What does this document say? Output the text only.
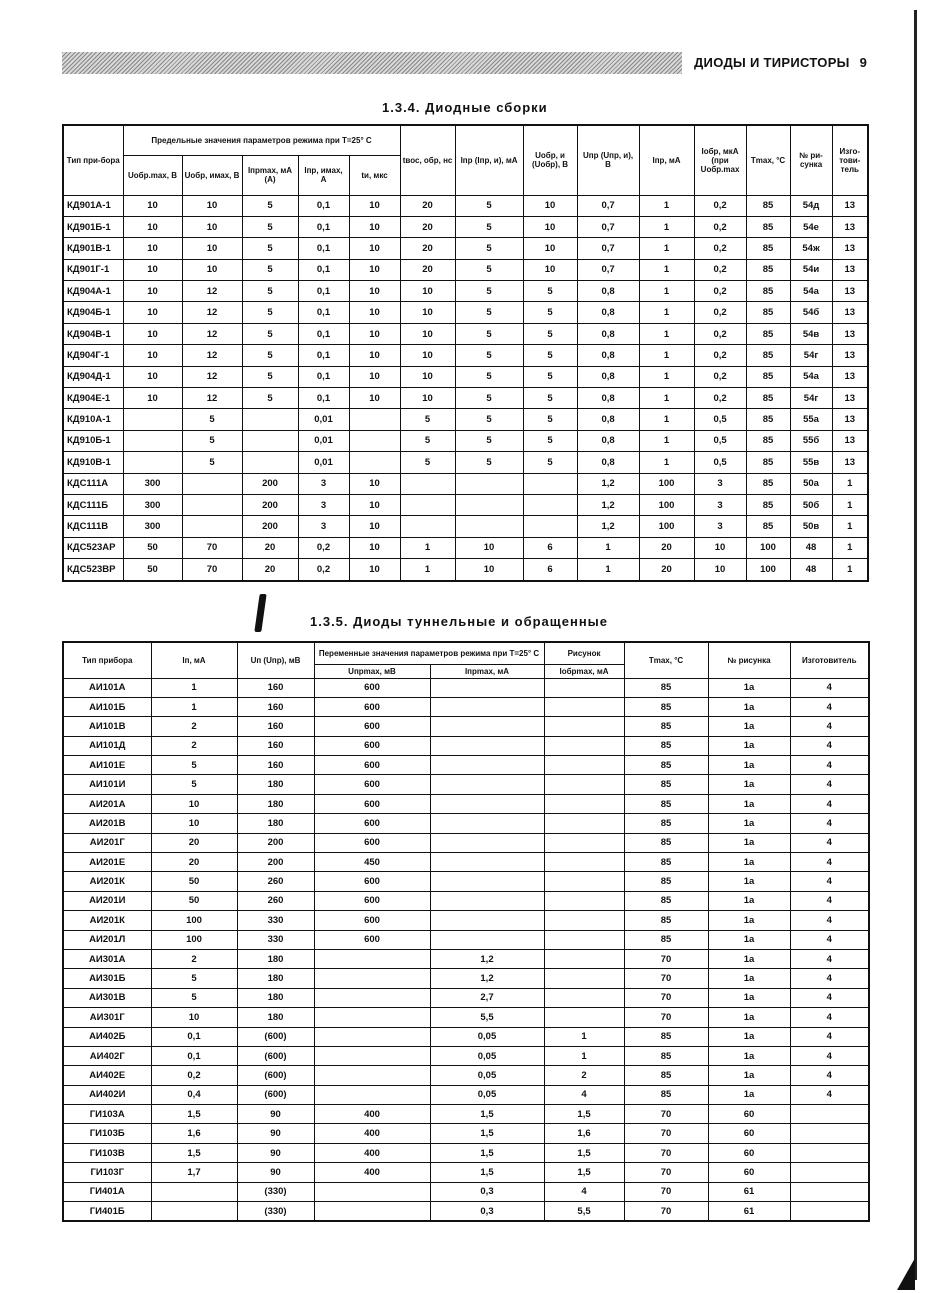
ДИОДЫ И ТИРИСТОРЫ 9
1.3.4. Диодные сборки
Тип при-бора	Предельные значения параметров режима при T=25° С					tвос, обр, нс	Iпр (Iпр, и), мА	Uобр, и (Uобр), В	Uпр (Uпр, и), В	Iпр, мА	Iобр, мкА (при Uобр.max	Tmax, °С	№ ри-сунка	Изго-тови-тель
	Uобр.max, В	Uобр, имах, В	Iпрmax, мА (A)	Iпр, имах, А	tи, мкс									
КД901А-1	10	10	5	0,1	10	20	5	10	0,7	1	0,2	85	54д	13
КД901Б-1	10	10	5	0,1	10	20	5	10	0,7	1	0,2	85	54е	13
КД901В-1	10	10	5	0,1	10	20	5	10	0,7	1	0,2	85	54ж	13
КД901Г-1	10	10	5	0,1	10	20	5	10	0,7	1	0,2	85	54и	13
КД904А-1	10	12	5	0,1	10	10	5	5	0,8	1	0,2	85	54а	13
КД904Б-1	10	12	5	0,1	10	10	5	5	0,8	1	0,2	85	54б	13
КД904В-1	10	12	5	0,1	10	10	5	5	0,8	1	0,2	85	54в	13
КД904Г-1	10	12	5	0,1	10	10	5	5	0,8	1	0,2	85	54г	13
КД904Д-1	10	12	5	0,1	10	10	5	5	0,8	1	0,2	85	54а	13
КД904Е-1	10	12	5	0,1	10	10	5	5	0,8	1	0,2	85	54г	13
КД910А-1		5		0,01		5	5	5	0,8	1	0,5	85	55а	13
КД910Б-1		5		0,01		5	5	5	0,8	1	0,5	85	55б	13
КД910В-1		5		0,01		5	5	5	0,8	1	0,5	85	55в	13
КДС111А	300		200	3	10				1,2	100	3	85	50а	1
КДС111Б	300		200	3	10				1,2	100	3	85	50б	1
КДС111В	300		200	3	10				1,2	100	3	85	50в	1
КДС523АР	50	70	20	0,2	10	1	10	6	1	20	10	100	48	1
КДС523ВР	50	70	20	0,2	10	1	10	6	1	20	10	100	48	1
1.3.5. Диоды туннельные и обращенные
Тип прибора	Iп, мА	Uп (Uпр), мВ	Переменные значения параметров режима при T=25° С		Рисунок	Tmax, °С	№ рисунка	Изготовитель
			Uпрmax, мВ	Iпрmax, мА	Iобрmax, мА			
АИ101А	1	160	600			85	1а	4
АИ101Б	1	160	600			85	1а	4
АИ101В	2	160	600			85	1а	4
АИ101Д	2	160	600			85	1а	4
АИ101Е	5	160	600			85	1а	4
АИ101И	5	180	600			85	1а	4
АИ201А	10	180	600			85	1а	4
АИ201В	10	180	600			85	1а	4
АИ201Г	20	200	600			85	1а	4
АИ201Е	20	200	450			85	1а	4
АИ201К	50	260	600			85	1а	4
АИ201И	50	260	600			85	1а	4
АИ201К	100	330	600			85	1а	4
АИ201Л	100	330	600			85	1а	4
АИ301А	2	180		1,2		70	1а	4
АИ301Б	5	180		1,2		70	1а	4
АИ301В	5	180		2,7		70	1а	4
АИ301Г	10	180		5,5		70	1а	4
АИ402Б	0,1	(600)		0,05	1	85	1а	4
АИ402Г	0,1	(600)		0,05	1	85	1а	4
АИ402Е	0,2	(600)		0,05	2	85	1а	4
АИ402И	0,4	(600)		0,05	4	85	1а	4
ГИ103А	1,5	90	400	1,5	1,5	70	60	
ГИ103Б	1,6	90	400	1,5	1,6	70	60	
ГИ103В	1,5	90	400	1,5	1,5	70	60	
ГИ103Г	1,7	90	400	1,5	1,5	70	60	
ГИ401А		(330)		0,3	4	70	61	
ГИ401Б		(330)		0,3	5,5	70	61	
